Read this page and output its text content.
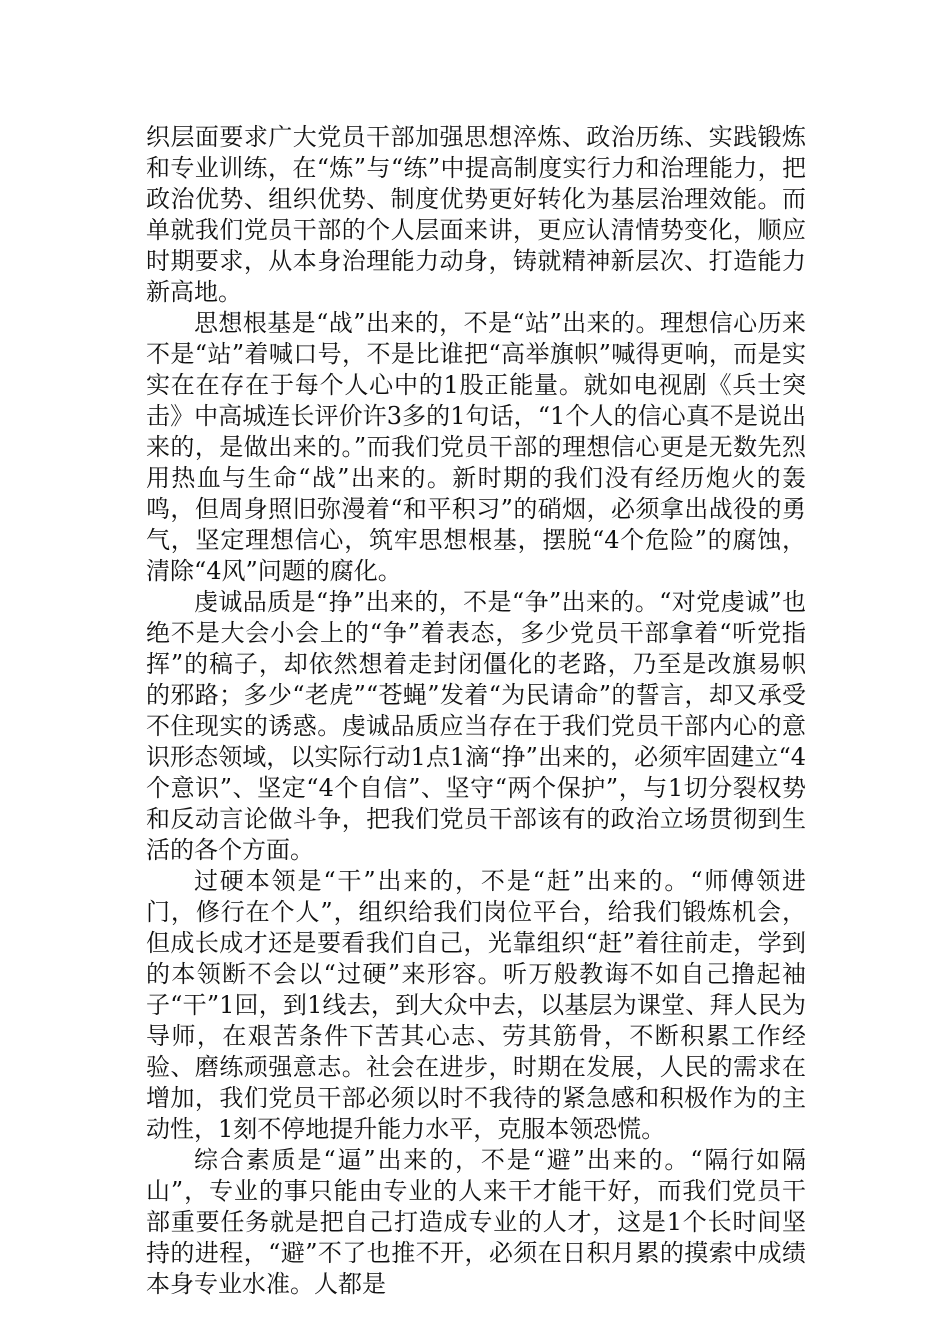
织层面要求广大党员干部加强思想淬炼、政治历练、实践锻炼和专业训练，在“炼”与“练”中提高制度实行力和治理能力，把政治优势、组织优势、制度优势更好转化为基层治理效能。而单就我们党员干部的个人层面来讲，更应认清情势变化，顺应时期要求，从本身治理能力动身，铸就精神新层次、打造能力新高地。

思想根基是“战”出来的，不是“站”出来的。理想信心历来不是“站”着喊口号，不是比谁把“高举旗帜”喊得更响，而是实实在在存在于每个人心中的1股正能量。就如电视剧《兵士突击》中高城连长评价许3多的1句话，“1个人的信心真不是说出来的，是做出来的。”而我们党员干部的理想信心更是无数先烈用热血与生命“战”出来的。新时期的我们没有经历炮火的轰鸣，但周身照旧弥漫着“和平积习”的硝烟，必须拿出战役的勇气，坚定理想信心，筑牢思想根基，摆脱“4个危险”的腐蚀，清除“4风”问题的腐化。

虔诚品质是“挣”出来的，不是“争”出来的。“对党虔诚”也绝不是大会小会上的“争”着表态，多少党员干部拿着“听党指挥”的稿子，却依然想着走封闭僵化的老路，乃至是改旗易帜的邪路；多少“老虎”“苍蝇”发着“为民请命”的誓言，却又承受不住现实的诱惑。虔诚品质应当存在于我们党员干部内心的意识形态领域，以实际行动1点1滴“挣”出来的，必须牢固建立“4个意识”、坚定“4个自信”、坚守“两个保护”，与1切分裂权势和反动言论做斗争，把我们党员干部该有的政治立场贯彻到生活的各个方面。

过硬本领是“干”出来的，不是“赶”出来的。“师傅领进门，修行在个人”，组织给我们岗位平台，给我们锻炼机会，但成长成才还是要看我们自己，光靠组织“赶”着往前走，学到的本领断不会以“过硬”来形容。听万般教诲不如自己撸起袖子“干”1回，到1线去，到大众中去，以基层为课堂、拜人民为导师，在艰苦条件下苦其心志、劳其筋骨，不断积累工作经验、磨练顽强意志。社会在进步，时期在发展，人民的需求在增加，我们党员干部必须以时不我待的紧急感和积极作为的主动性，1刻不停地提升能力水平，克服本领恐慌。

综合素质是“逼”出来的，不是“避”出来的。“隔行如隔山”，专业的事只能由专业的人来干才能干好，而我们党员干部重要任务就是把自己打造成专业的人才，这是1个长时间坚持的进程，“避”不了也推不开，必须在日积月累的摸索中成绩本身专业水准。人都是
